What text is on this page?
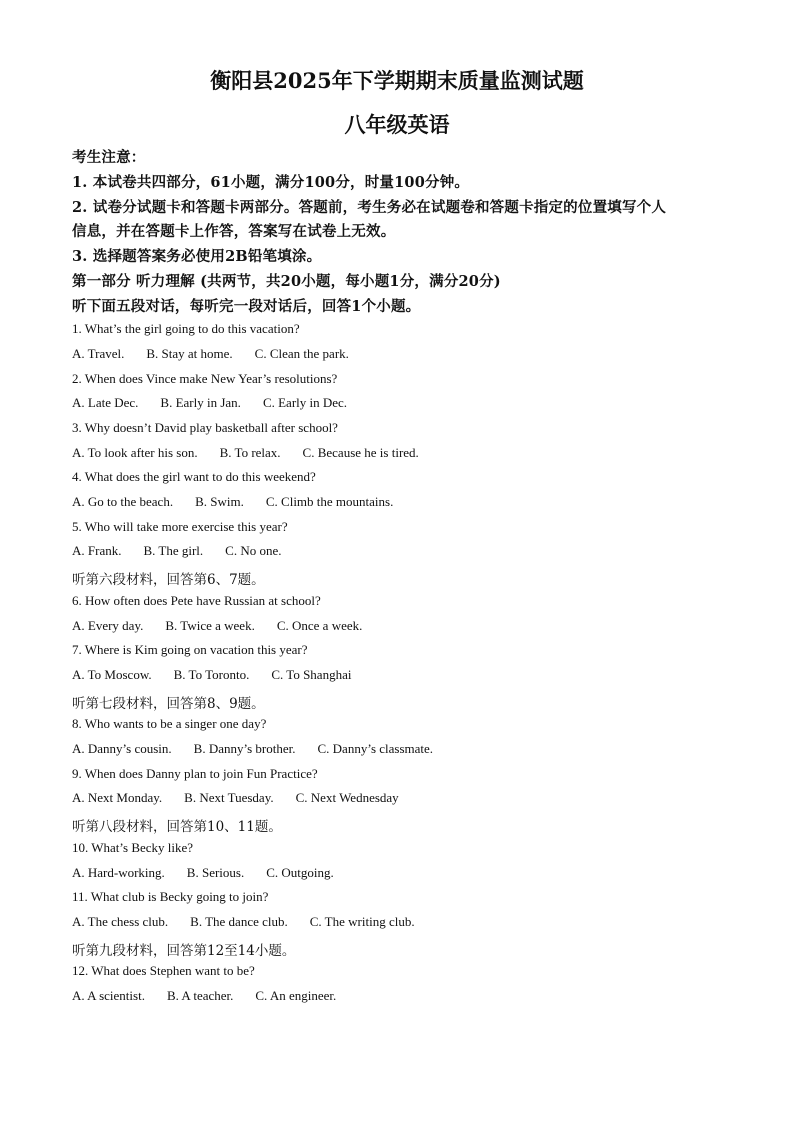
衡阳县2025年下学期期末质量监测试题
八年级英语
考生注意：
1. 本试卷共四部分，61小题，满分100分，时量100分钟。
2. 试卷分试题卡和答题卡两部分。答题前，考生务必在试题卷和答题卡指定的位置填写个人
信息，并在答题卡上作答，答案写在试卷上无效。
3. 选择题答案务必使用2B铅笔填涂。
第一部分 听力理解 (共两节，共20小题，每小题1分，满分20分)
听下面五段对话，每听完一段对话后，回答1个小题。
1. What’s the girl going to do this vacation?
A. Travel. B. Stay at home. C. Clean the park.
2. When does Vince make New Year’s resolutions?
A. Late Dec. B. Early in Jan. C. Early in Dec.
3. Why doesn’t David play basketball after school?
A. To look after his son. B. To relax. C. Because he is tired.
4. What does the girl want to do this weekend?
A. Go to the beach. B. Swim. C. Climb the mountains.
5. Who will take more exercise this year?
A. Frank. B. The girl. C. No one.
听第六段材料，回答第6、7题。
6. How often does Pete have Russian at school?
A. Every day. B. Twice a week. C. Once a week.
7. Where is Kim going on vacation this year?
A. To Moscow. B. To Toronto. C. To Shanghai
听第七段材料，回答第8、9题。
8. Who wants to be a singer one day?
A. Danny’s cousin. B. Danny’s brother. C. Danny’s classmate.
9. When does Danny plan to join Fun Practice?
A. Next Monday. B. Next Tuesday. C. Next Wednesday
听第八段材料，回答第10、11题。
10. What’s Becky like?
A. Hard-working. B. Serious. C. Outgoing.
11. What club is Becky going to join?
A. The chess club. B. The dance club. C. The writing club.
听第九段材料，回答第12至14小题。
12. What does Stephen want to be?
A. A scientist. B. A teacher. C. An engineer.
